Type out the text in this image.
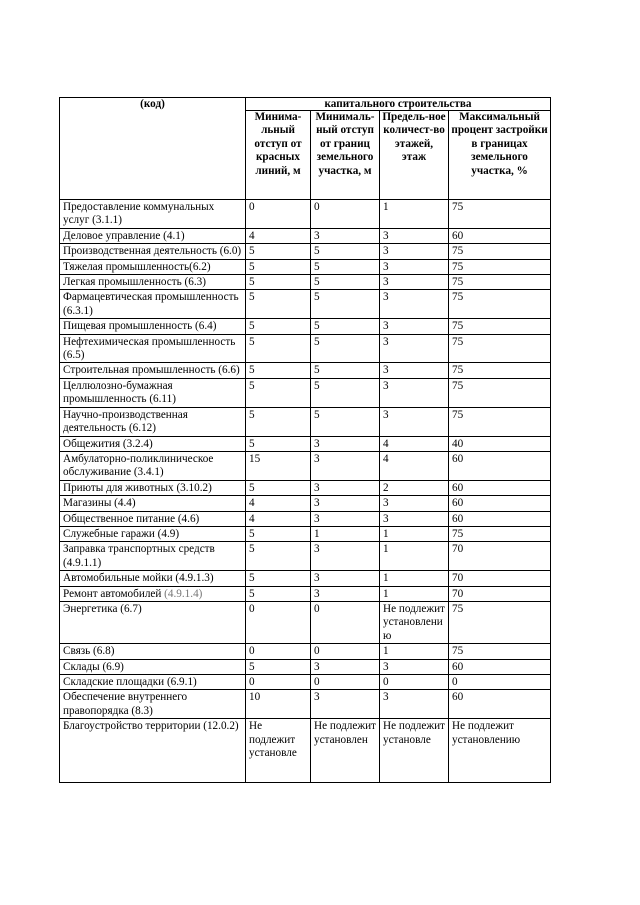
(код)	капитального строительства			
	Минима-льный отступ от красных линий, м	Минималь-ный отступ от границ земельного участка, м	Предель-ное количест-во этажей, этаж	Максимальный процент застройки в границах земельного участка, %
Предоставление коммунальных услуг (3.1.1)	0	0	1	75
Деловое управление (4.1)	4	3	3	60
Производственная деятельность (6.0)	5	5	3	75
Тяжелая промышленность(6.2)	5	5	3	75
Легкая промышленность (6.3)	5	5	3	75
Фармацевтическая промышленность (6.3.1)	5	5	3	75
Пищевая промышленность (6.4)	5	5	3	75
Нефтехимическая промышленность (6.5)	5	5	3	75
Строительная промышленность (6.6)	5	5	3	75
Целлюлозно-бумажная промышленность (6.11)	5	5	3	75
Научно-производственная деятельность (6.12)	5	5	3	75
Общежития (3.2.4)	5	3	4	40
Амбулаторно-поликлиническое обслуживание (3.4.1)	15	3	4	60
Приюты для животных (3.10.2)	5	3	2	60
Магазины (4.4)	4	3	3	60
Общественное питание (4.6)	4	3	3	60
Служебные гаражи (4.9)	5	1	1	75
Заправка транспортных средств (4.9.1.1)	5	3	1	70
Автомобильные мойки (4.9.1.3)	5	3	1	70
Ремонт автомобилей (4.9.1.4)	5	3	1	70
Энергетика (6.7)	0	0	Не подлежит установлению	75
Связь (6.8)	0	0	1	75
Склады (6.9)	5	3	3	60
Складские площадки (6.9.1)	0	0	0	0
Обеспечение внутреннего правопорядка (8.3)	10	3	3	60
Благоустройство территории (12.0.2)	Не подлежит установле	Не подлежит установлен	Не подлежит установле	Не подлежит установлению
